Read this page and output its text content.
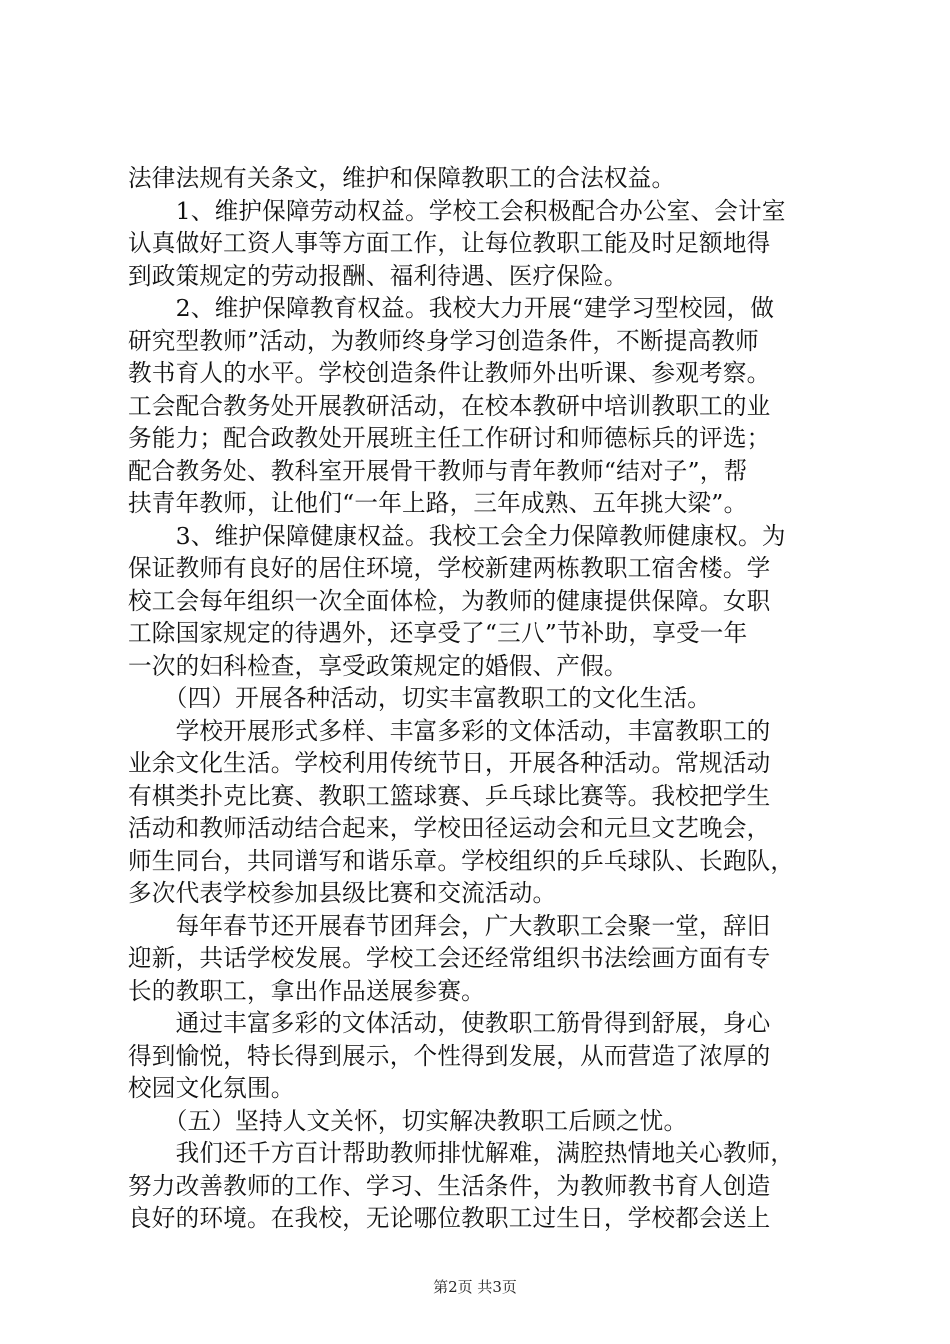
法律法规有关条文，维护和保障教职工的合法权益。
　　1、维护保障劳动权益。学校工会积极配合办公室、会计室
认真做好工资人事等方面工作，让每位教职工能及时足额地得
到政策规定的劳动报酬、福利待遇、医疗保险。
　　2、维护保障教育权益。我校大力开展“建学习型校园，做
研究型教师”活动，为教师终身学习创造条件，不断提高教师
教书育人的水平。学校创造条件让教师外出听课、参观考察。
工会配合教务处开展教研活动，在校本教研中培训教职工的业
务能力；配合政教处开展班主任工作研讨和师德标兵的评选；
配合教务处、教科室开展骨干教师与青年教师“结对子”，帮
扶青年教师，让他们“一年上路，三年成熟、五年挑大梁”。
　　3、维护保障健康权益。我校工会全力保障教师健康权。为
保证教师有良好的居住环境，学校新建两栋教职工宿舍楼。学
校工会每年组织一次全面体检，为教师的健康提供保障。女职
工除国家规定的待遇外，还享受了“三八”节补助，享受一年
一次的妇科检查，享受政策规定的婚假、产假。
　　（四）开展各种活动，切实丰富教职工的文化生活。
　　学校开展形式多样、丰富多彩的文体活动，丰富教职工的
业余文化生活。学校利用传统节日，开展各种活动。常规活动
有棋类扑克比赛、教职工篮球赛、乒乓球比赛等。我校把学生
活动和教师活动结合起来，学校田径运动会和元旦文艺晚会，
师生同台，共同谱写和谐乐章。学校组织的乒乓球队、长跑队，
多次代表学校参加县级比赛和交流活动。
　　每年春节还开展春节团拜会，广大教职工会聚一堂，辞旧
迎新，共话学校发展。学校工会还经常组织书法绘画方面有专
长的教职工，拿出作品送展参赛。
　　通过丰富多彩的文体活动，使教职工筋骨得到舒展，身心
得到愉悦，特长得到展示，个性得到发展，从而营造了浓厚的
校园文化氛围。
　　（五）坚持人文关怀，切实解决教职工后顾之忧。
　　我们还千方百计帮助教师排忧解难，满腔热情地关心教师，
努力改善教师的工作、学习、生活条件，为教师教书育人创造
良好的环境。在我校，无论哪位教职工过生日，学校都会送上
第2页 共3页
